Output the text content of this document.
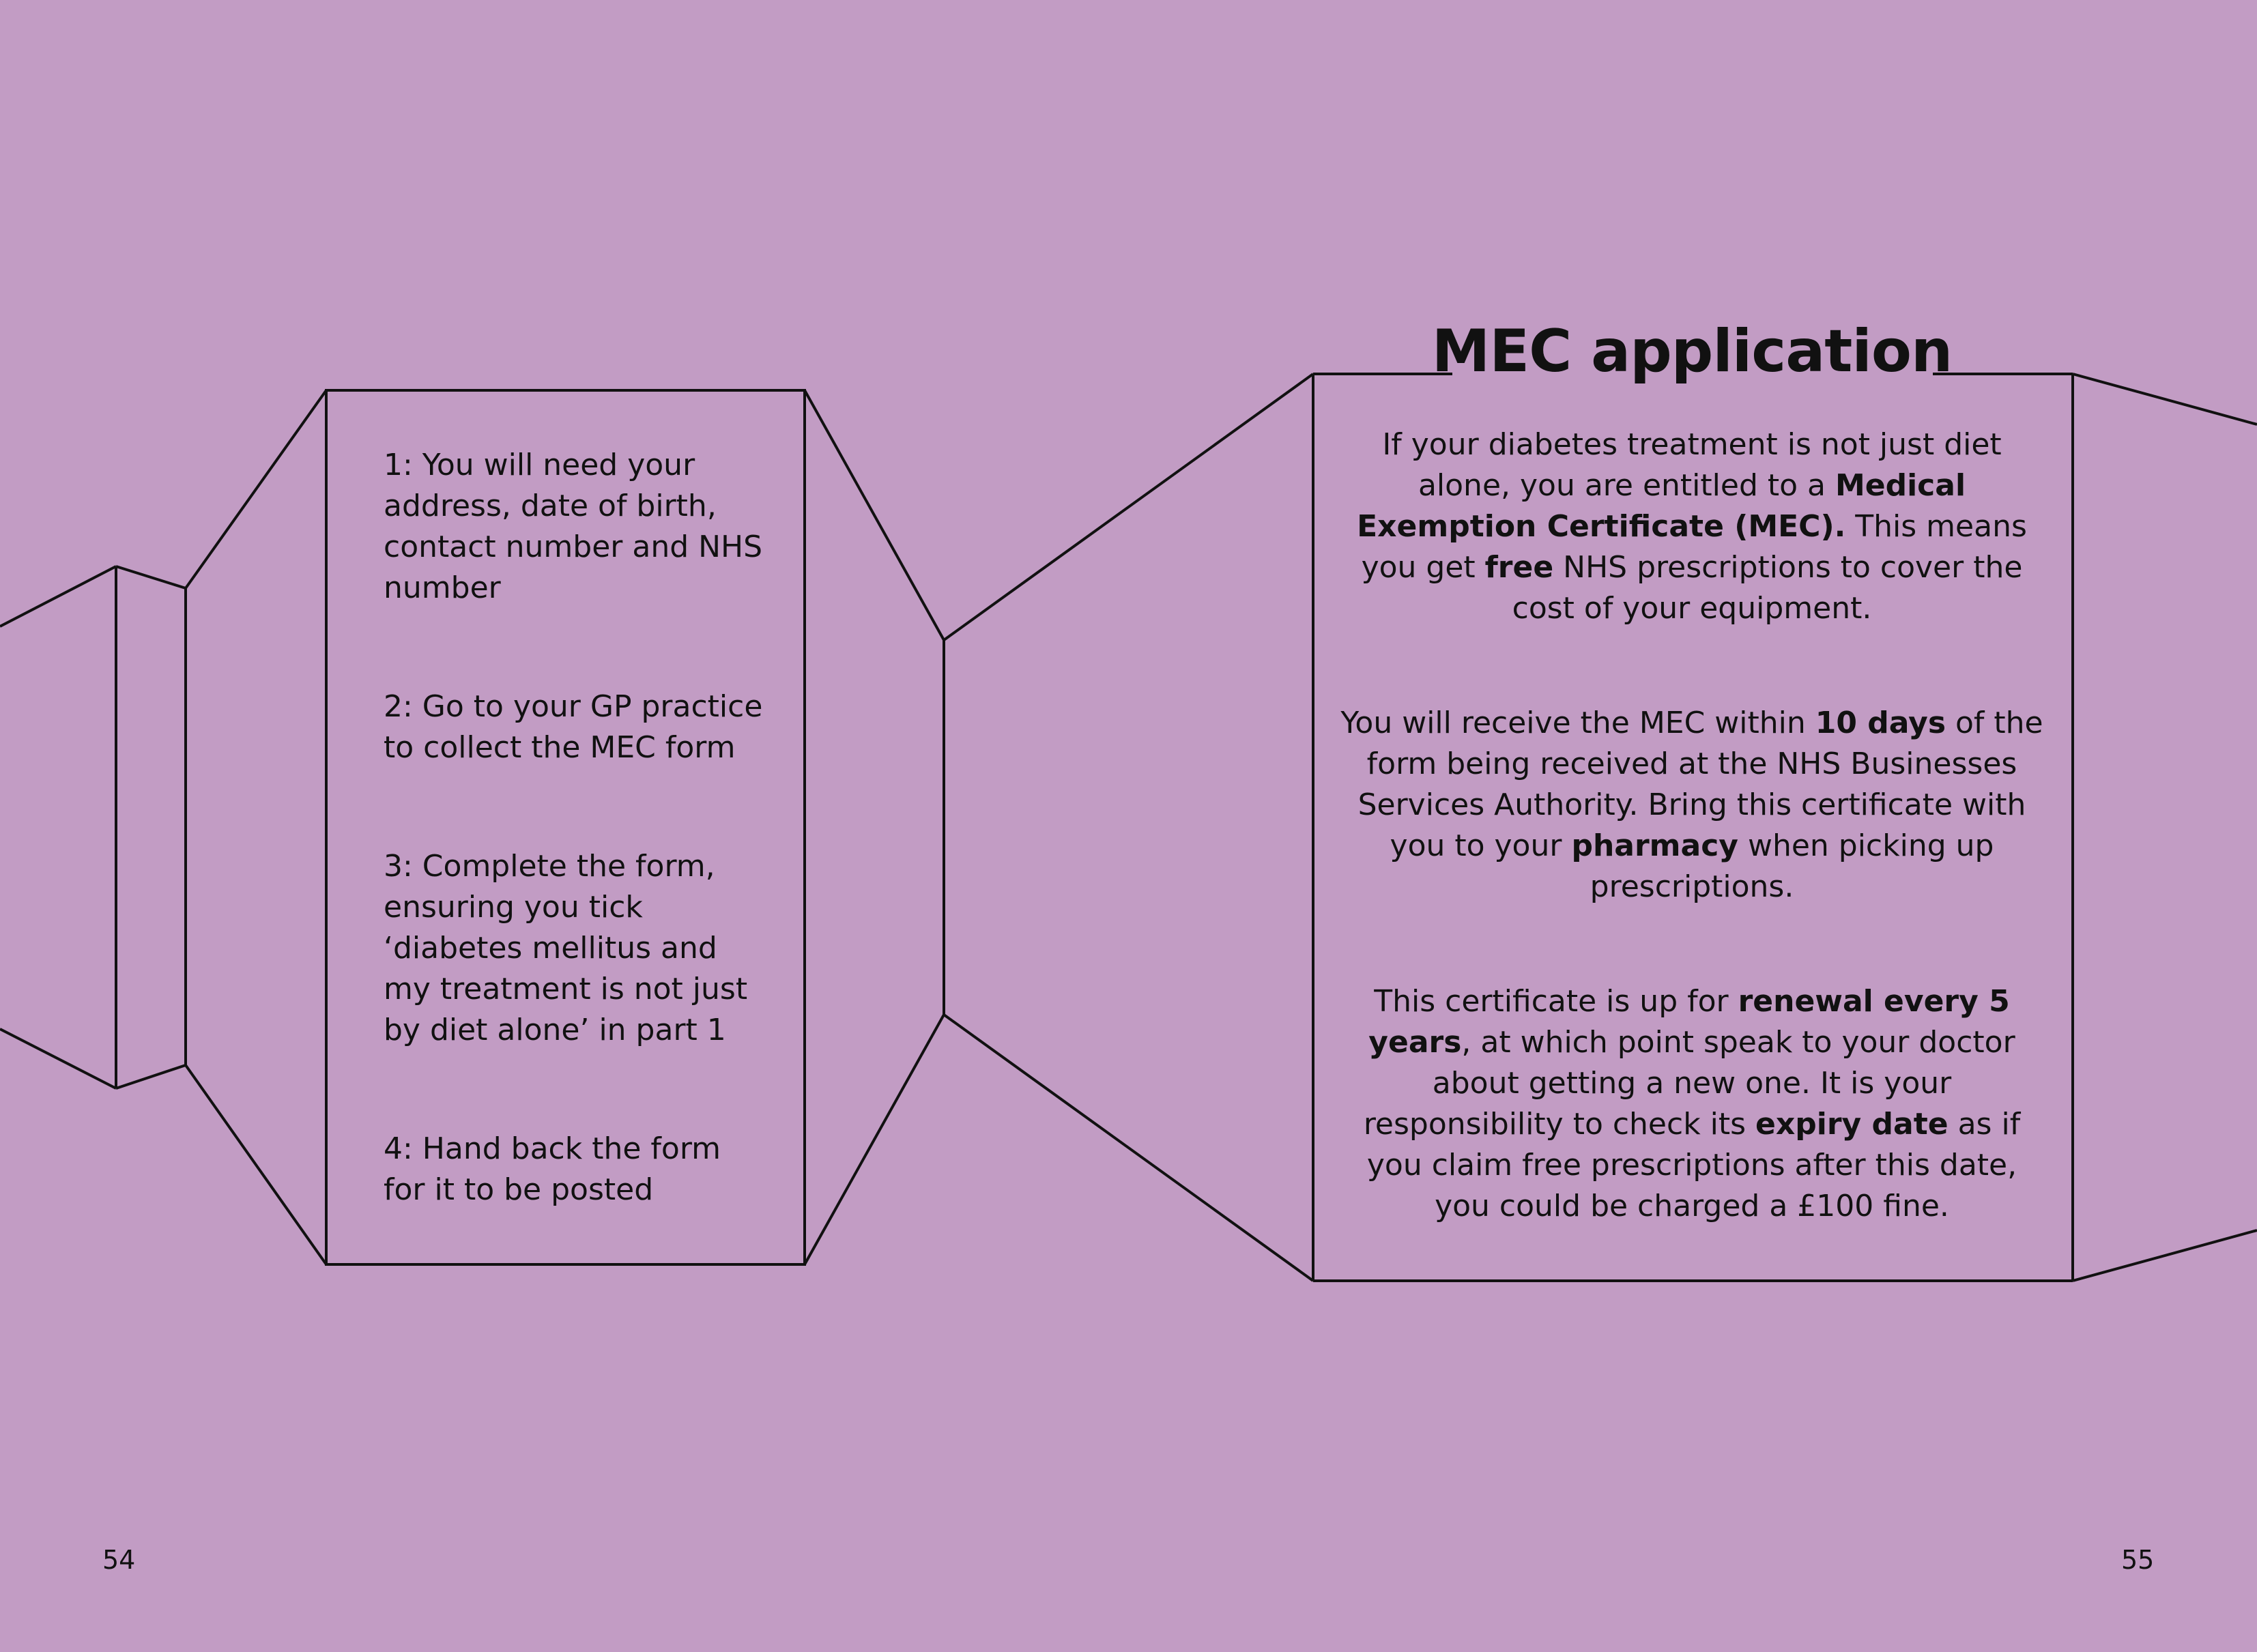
1: You will need your address, date of birth, contact number and NHS number

2: Go to your GP practice to collect the MEC form

3: Complete the form, ensuring you tick ‘diabetes mellitus and my treatment is not just by diet alone’ in part 1

4: Hand back the form for it to be posted

MEC application

If your diabetes treatment is not just diet alone, you are entitled to a Medical Exemption Certificate (MEC). This means you get free NHS prescriptions to cover the cost of your equipment.

You will receive the MEC within 10 days of the form being received at the NHS Businesses Services Authority. Bring this certificate with you to your pharmacy when picking up prescriptions.

This certificate is up for renewal every 5 years, at which point speak to your doctor about getting a new one. It is your responsibility to check its expiry date as if you claim free prescriptions after this date, you could be charged a £100 fine.

54	55
